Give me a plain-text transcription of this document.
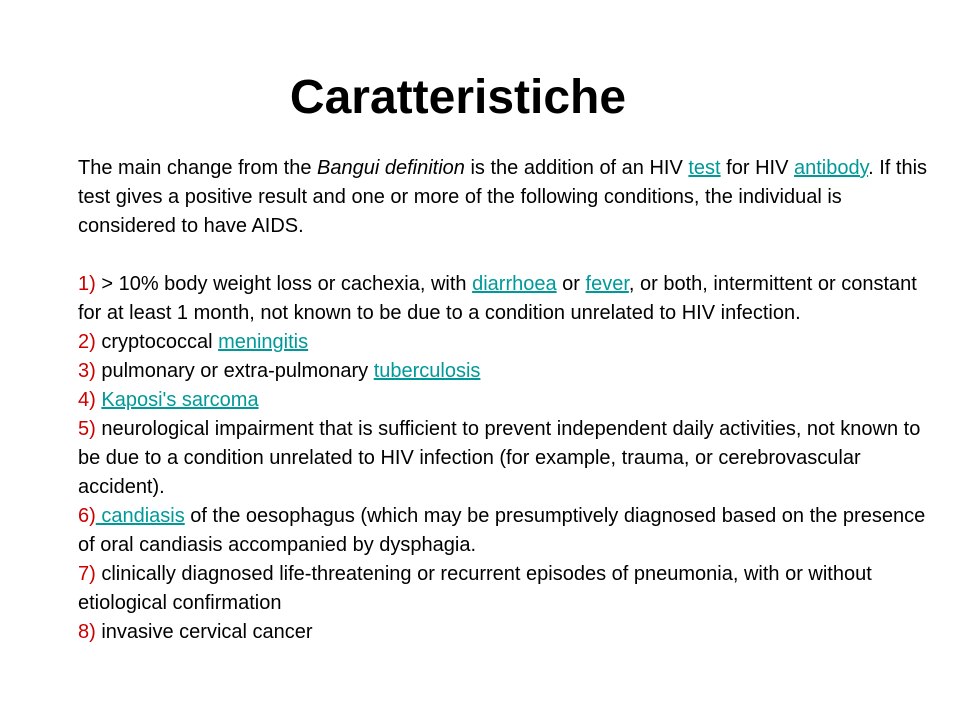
Caratteristiche

The main change from the Bangui definition is the addition of an HIV test for HIV antibody. If this test gives a positive result and one or more of the following conditions, the individual is considered to have AIDS.

1) > 10% body weight loss or cachexia, with diarrhoea or fever, or both, intermittent or constant for at least 1 month, not known to be due to a condition unrelated to HIV infection.

2) cryptococcal meningitis

3) pulmonary or extra-pulmonary tuberculosis

4) Kaposi's sarcoma

5) neurological impairment that is sufficient to prevent independent daily activities, not known to be due to a condition unrelated to HIV infection (for example, trauma, or cerebrovascular accident).

6) candiasis of the oesophagus (which may be presumptively diagnosed based on the presence of oral candiasis accompanied by dysphagia.

7) clinically diagnosed life-threatening or recurrent episodes of pneumonia, with or without etiological confirmation

8) invasive cervical cancer
